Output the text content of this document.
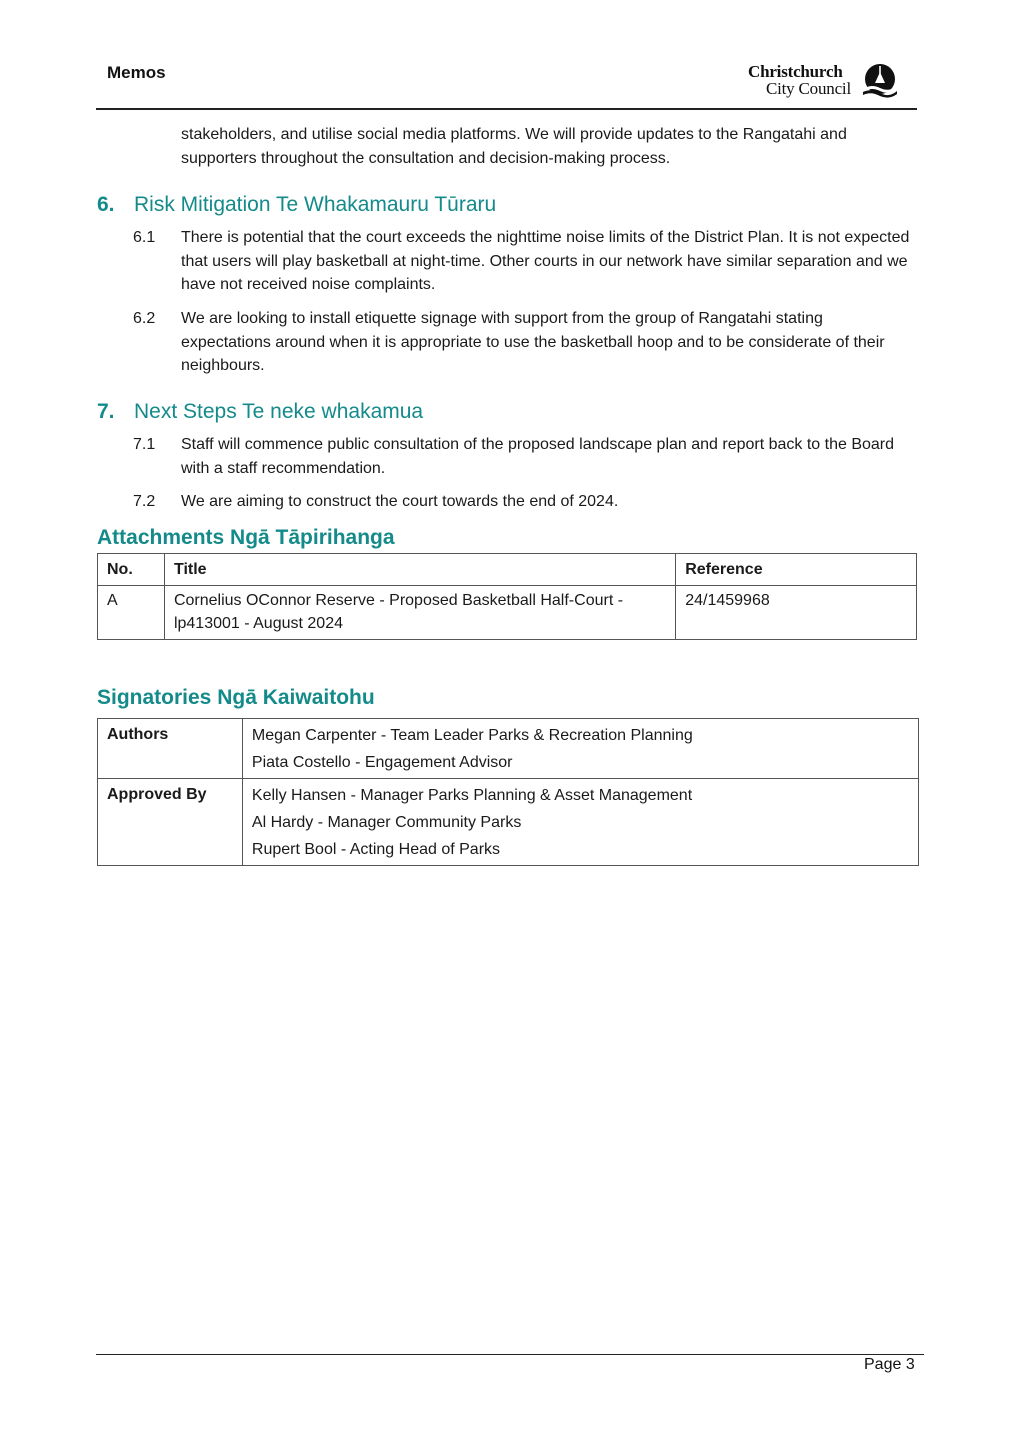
Memos	Christchurch
City Council
stakeholders, and utilise social media platforms. We will provide updates to the Rangatahi and supporters throughout the consultation and decision-making process.
6. Risk Mitigation Te Whakamauru Tūraru
6.1 There is potential that the court exceeds the nighttime noise limits of the District Plan. It is not expected that users will play basketball at night-time. Other courts in our network have similar separation and we have not received noise complaints.
6.2 We are looking to install etiquette signage with support from the group of Rangatahi stating expectations around when it is appropriate to use the basketball hoop and to be considerate of their neighbours.
7. Next Steps Te neke whakamua
7.1 Staff will commence public consultation of the proposed landscape plan and report back to the Board with a staff recommendation.
7.2 We are aiming to construct the court towards the end of 2024.
Attachments Ngā Tāpirihanga
No.	Title	Reference
A	Cornelius OConnor Reserve - Proposed Basketball Half-Court - lp413001 - August 2024	24/1459968
Signatories Ngā Kaiwaitohu
Authors	Megan Carpenter - Team Leader Parks & Recreation Planning
Piata Costello - Engagement Advisor

Approved By	Kelly Hansen - Manager Parks Planning & Asset Management
Al Hardy - Manager Community Parks
Rupert Bool - Acting Head of Parks
Page 3
